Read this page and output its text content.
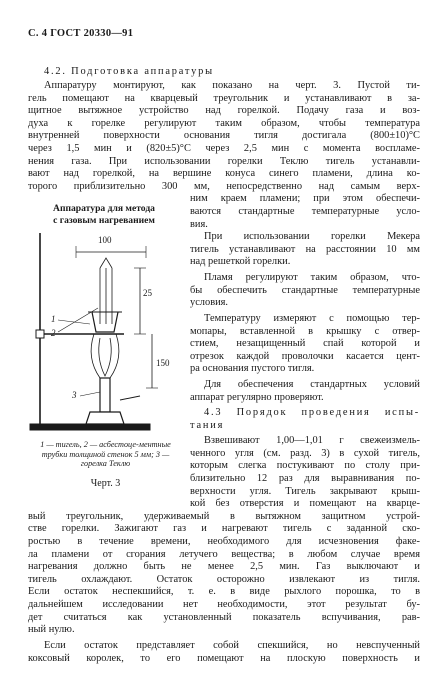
С. 4 ГОСТ 20330—91
4.2. Подготовка аппаратуры
Аппаратуру монтируют, как показано на черт. 3. Пустой ти-
гель помещают на кварцевый треугольник и устанавливают в за-
щитное вытяжное устройство над горелкой. Подачу газа и воз-
духа к горелке регулируют таким образом, чтобы температура
внутренней поверхности основания тигля достигала (800±10)°С
через 1,5 мин и (820±5)°С через 2,5 мин с момента воспламе-
нения газа. При использовании горелки Теклю тигель устанавли-
вают над горелкой, на вершине конуса синего пламени, длина ко-
торого приблизительно 300 мм, непосредственно над самым верх-
ним краем пламени; при этом обеспечи-
ваются стандартные температурные усло-
вия.
Аппаратура для метода
с газовым нагреванием
100
25
150
1
2
3
1 — тигель, 2 — асбестоце-ментные трубки толщиной стенок 5 мм; 3 — горелка Теклю
Черт. 3
При использовании горелки Мекера
тигель устанавливают на расстоянии 10 мм
над решеткой горелки.
Пламя регулируют таким образом, что-
бы обеспечить стандартные температурные
условия.
Температуру измеряют с помощью тер-
мопары, вставленной в крышку с отвер-
стием, незащищенный спай которой и
отрезок каждой проволочки касается цент-
ра основания пустого тигля.
Для обеспечения стандартных условий
аппарат регулярно проверяют.
4.3 Порядок проведения испы-
тания
Взвешивают 1,00—1,01 г свежеизмель-
ченного угля (см. разд. 3) в сухой тигель,
которым слегка постукивают по столу при-
близительно 12 раз для выравнивания по-
верхности угля. Тигель закрывают крыш-
кой без отверстия и помещают на кварце-
вый треугольник, удерживаемый в вытяжном защитном устрой-
стве горелки. Зажигают газ и нагревают тигель с заданной ско-
ростью в течение времени, необходимого для исчезновения факе-
ла пламени от сгорания летучего вещества; в любом случае время
нагревания должно быть не менее 2,5 мин. Газ выключают и
тигель охлаждают. Остаток осторожно извлекают из тигля.
Если остаток неспекшийся, т. е. в виде рыхлого порошка, то в
дальнейшем исследовании нет необходимости, этот результат бу-
дет считаться как установленный показатель вспучивания, рав-
ный нулю.
Если остаток представляет собой спекшийся, но невспученный
коксовый королек, то его помещают на плоскую поверхность и
